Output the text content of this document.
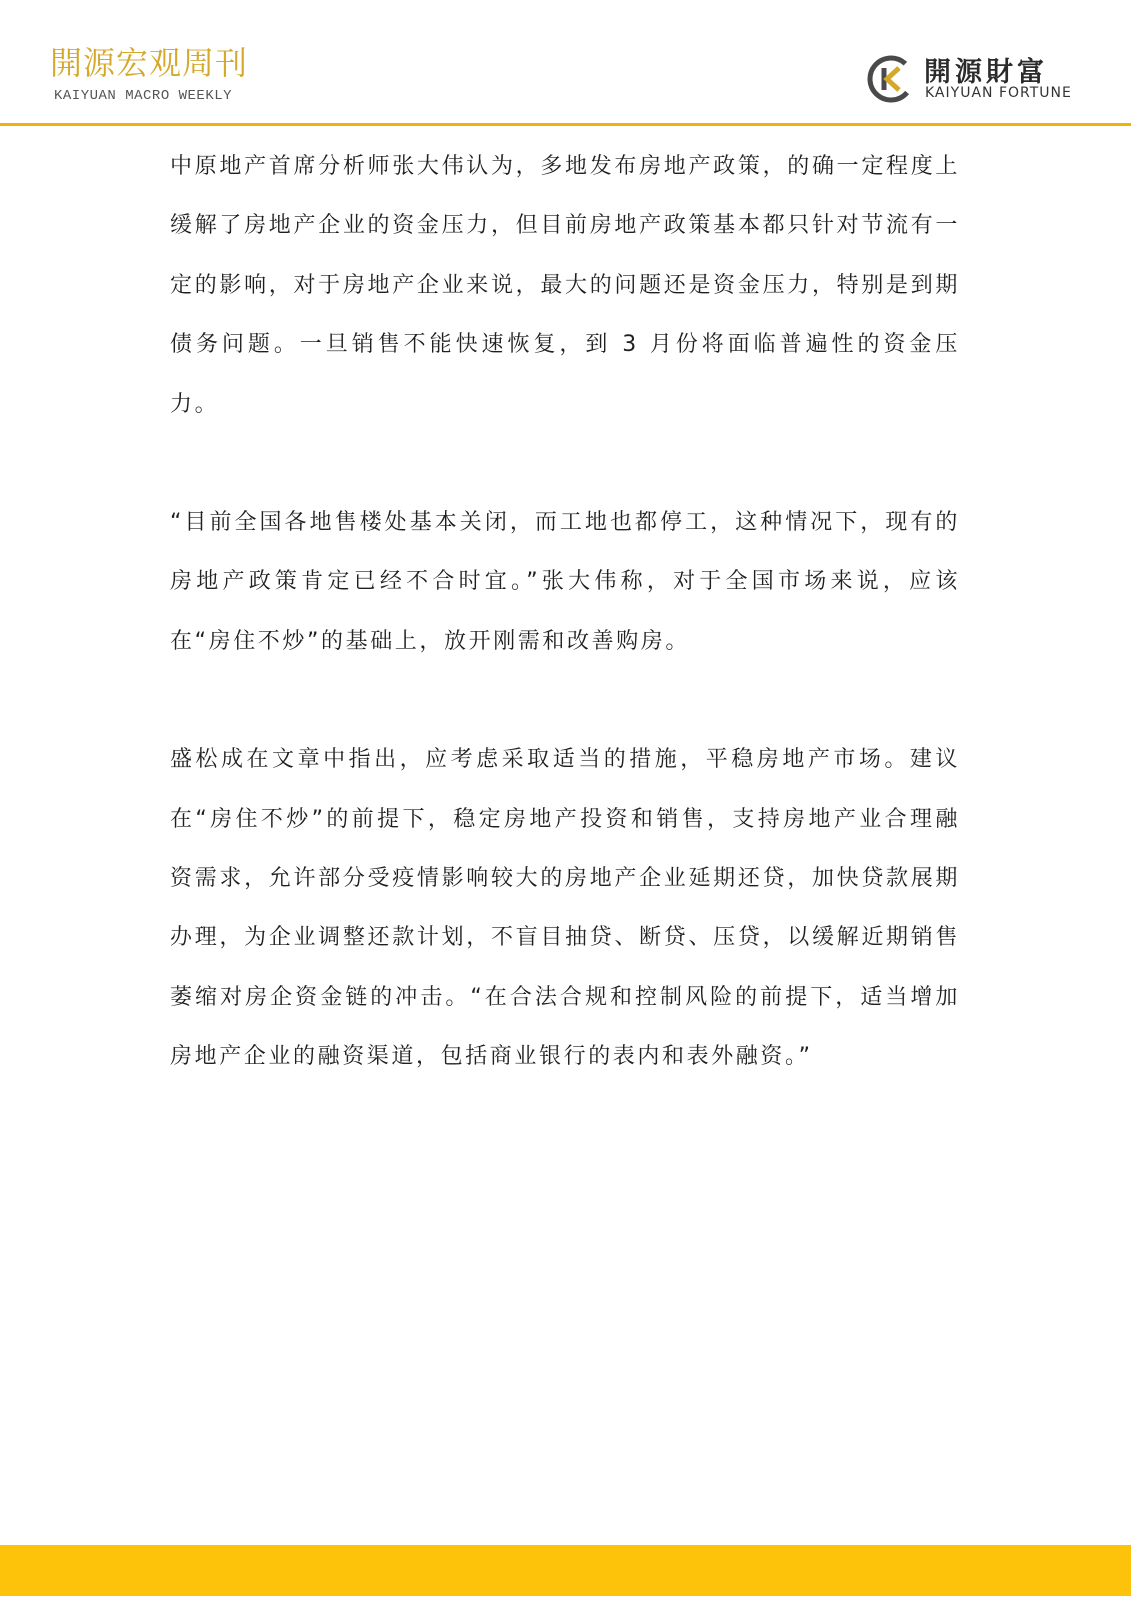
開源宏观周刊
KAIYUAN MACRO WEEKLY
開源財富
KAIYUAN FORTUNE

中原地产首席分析师张大伟认为，多地发布房地产政策，的确一定程度上缓解了房地产企业的资金压力，但目前房地产政策基本都只针对节流有一定的影响，对于房地产企业来说，最大的问题还是资金压力，特别是到期债务问题。一旦销售不能快速恢复，到 3 月份将面临普遍性的资金压力。

“目前全国各地售楼处基本关闭，而工地也都停工，这种情况下，现有的房地产政策肯定已经不合时宜。”张大伟称，对于全国市场来说，应该在“房住不炒”的基础上，放开刚需和改善购房。

盛松成在文章中指出，应考虑采取适当的措施，平稳房地产市场。建议在“房住不炒”的前提下，稳定房地产投资和销售，支持房地产业合理融资需求，允许部分受疫情影响较大的房地产企业延期还贷，加快贷款展期办理，为企业调整还款计划，不盲目抽贷、断贷、压贷，以缓解近期销售萎缩对房企资金链的冲击。“在合法合规和控制风险的前提下，适当增加房地产企业的融资渠道，包括商业银行的表内和表外融资。”
